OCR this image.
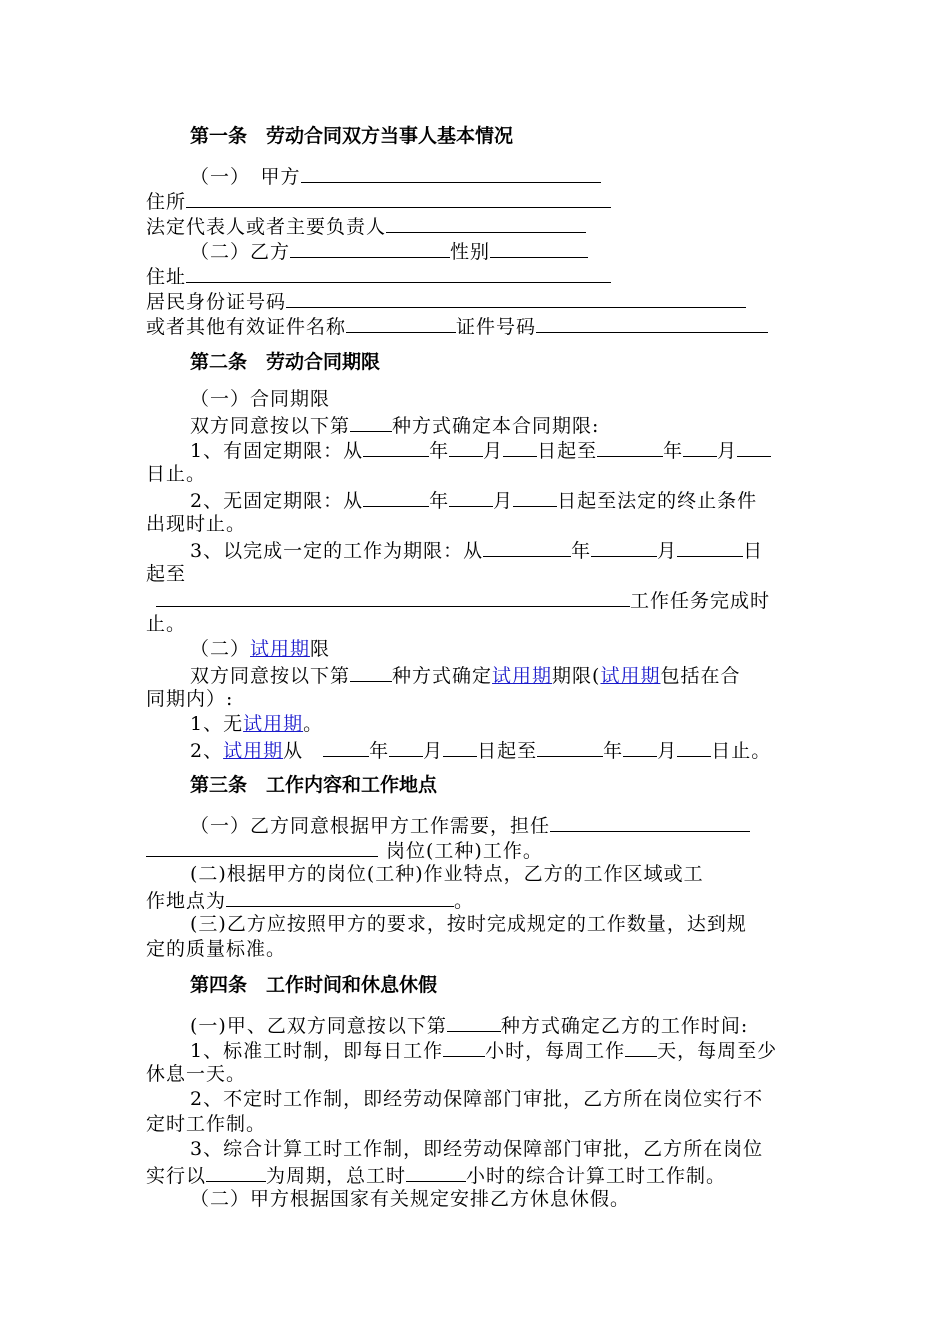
第一条　劳动合同双方当事人基本情况
（一）　甲方
住所
法定代表人或者主要负责人
（二）乙方	性别
住址
居民身份证号码
或者其他有效证件名称	证件号码
第二条　劳动合同期限
（一）合同期限
双方同意按以下第 种方式确定本合同期限:
1、有固定期限：从	年 月 日起至	年 月
日止。
2、无固定期限：从	年 月 日起至法定的终止条件
出现时止。
3、以完成一定的工作为期限：从	年	月	日
起至
工作任务完成时
止。
（二）试用期限
双方同意按以下第 种方式确定试用期期限(试用期包括在合
同期内）:
1、无试用期。
2、试用期从	年 月 日起至	年 月 日止。
第三条　工作内容和工作地点
（一）乙方同意根据甲方工作需要，担任
岗位(工种)工作。
(二)根据甲方的岗位(工种)作业特点，乙方的工作区域或工
作地点为	。
(三)乙方应按照甲方的要求，按时完成规定的工作数量，达到规
定的质量标准。
第四条　工作时间和休息休假
(一)甲、乙双方同意按以下第	种方式确定乙方的工作时间:
1、标准工时制，即每日工作 小时，每周工作 天，每周至少
休息一天。
2、不定时工作制，即经劳动保障部门审批，乙方所在岗位实行不
定时工作制。
3、综合计算工时工作制，即经劳动保障部门审批，乙方所在岗位
实行以	为周期，总工时	小时的综合计算工时工作制。
（二）甲方根据国家有关规定安排乙方休息休假。
